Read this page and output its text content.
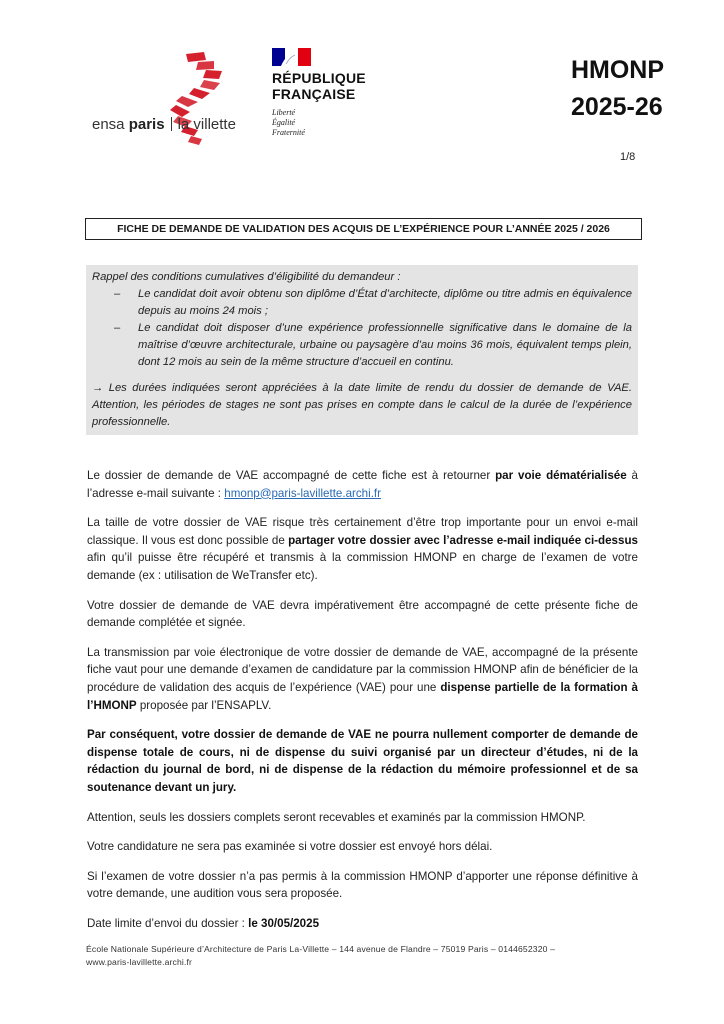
ensa paris la villette
RÉPUBLIQUE
FRANÇAISE
Liberté
Égalité
Fraternité
HMONP
2025-26
1/8
FICHE DE DEMANDE DE VALIDATION DES ACQUIS DE L’EXPÉRIENCE POUR L’ANNÉE 2025 / 2026
Rappel des conditions cumulatives d’éligibilité du demandeur :
– Le candidat doit avoir obtenu son diplôme d’État d’architecte, diplôme ou titre admis en équivalence depuis au moins 24 mois ;
– Le candidat doit disposer d’une expérience professionnelle significative dans le domaine de la maîtrise d’œuvre architecturale, urbaine ou paysagère d’au moins 36 mois, équivalent temps plein, dont 12 mois au sein de la même structure d’accueil en continu.
→ Les durées indiquées seront appréciées à la date limite de rendu du dossier de demande de VAE. Attention, les périodes de stages ne sont pas prises en compte dans le calcul de la durée de l’expérience professionnelle.

Le dossier de demande de VAE accompagné de cette fiche est à retourner par voie dématérialisée à l’adresse e-mail suivante : hmonp@paris-lavillette.archi.fr

La taille de votre dossier de VAE risque très certainement d’être trop importante pour un envoi e-mail classique. Il vous est donc possible de partager votre dossier avec l’adresse e-mail indiquée ci-dessus afin qu’il puisse être récupéré et transmis à la commission HMONP en charge de l’examen de votre demande (ex : utilisation de WeTransfer etc).

Votre dossier de demande de VAE devra impérativement être accompagné de cette présente fiche de demande complétée et signée.

La transmission par voie électronique de votre dossier de demande de VAE, accompagné de la présente fiche vaut pour une demande d’examen de candidature par la commission HMONP afin de bénéficier de la procédure de validation des acquis de l’expérience (VAE) pour une dispense partielle de la formation à l’HMONP proposée par l’ENSAPLV.

Par conséquent, votre dossier de demande de VAE ne pourra nullement comporter de demande de dispense totale de cours, ni de dispense du suivi organisé par un directeur d’études, ni de la rédaction du journal de bord, ni de dispense de la rédaction du mémoire professionnel et de sa soutenance devant un jury.

Attention, seuls les dossiers complets seront recevables et examinés par la commission HMONP.

Votre candidature ne sera pas examinée si votre dossier est envoyé hors délai.

Si l’examen de votre dossier n’a pas permis à la commission HMONP d’apporter une réponse définitive à votre demande, une audition vous sera proposée.

Date limite d’envoi du dossier : le 30/05/2025

École Nationale Supérieure d’Architecture de Paris La-Villette – 144 avenue de Flandre – 75019 Paris – 0144652320 –
www.paris-lavillette.archi.fr
